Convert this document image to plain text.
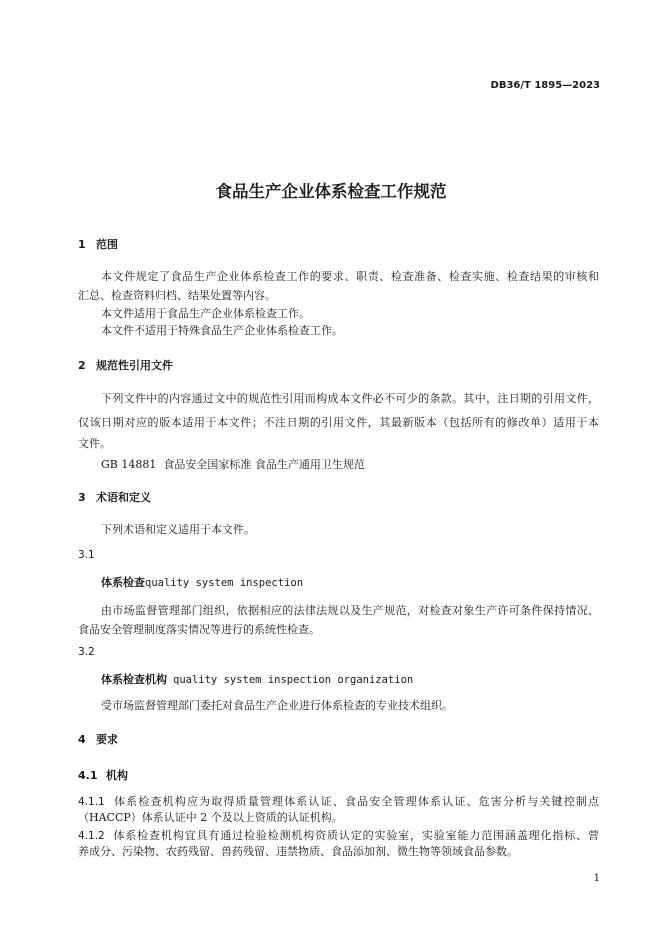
DB36/T 1895—2023
食品生产企业体系检查工作规范
1 范围
本文件规定了食品生产企业体系检查工作的要求、职责、检查准备、检查实施、检查结果的审核和
汇总、检查资料归档、结果处置等内容。
本文件适用于食品生产企业体系检查工作。
本文件不适用于特殊食品生产企业体系检查工作。
2 规范性引用文件
下列文件中的内容通过文中的规范性引用而构成本文件必不可少的条款。其中，注日期的引用文件，
仅该日期对应的版本适用于本文件；不注日期的引用文件，其最新版本（包括所有的修改单）适用于本
文件。
GB 14881  食品安全国家标准 食品生产通用卫生规范
3 术语和定义
下列术语和定义适用于本文件。
3.1
体系检查quality system inspection
由市场监督管理部门组织，依据相应的法律法规以及生产规范，对检查对象生产许可条件保持情况、
食品安全管理制度落实情况等进行的系统性检查。
3.2
体系检查机构 quality system inspection organization
受市场监督管理部门委托对食品生产企业进行体系检查的专业技术组织。
4 要求
4.1 机构
4.1.1 体系检查机构应为取得质量管理体系认证、食品安全管理体系认证、危害分析与关键控制点
（HACCP）体系认证中 2 个及以上资质的认证机构。
4.1.2 体系检查机构宜具有通过检验检测机构资质认定的实验室，实验室能力范围涵盖理化指标、营
养成分、污染物、农药残留、兽药残留、违禁物质、食品添加剂、微生物等领域食品参数。
1
